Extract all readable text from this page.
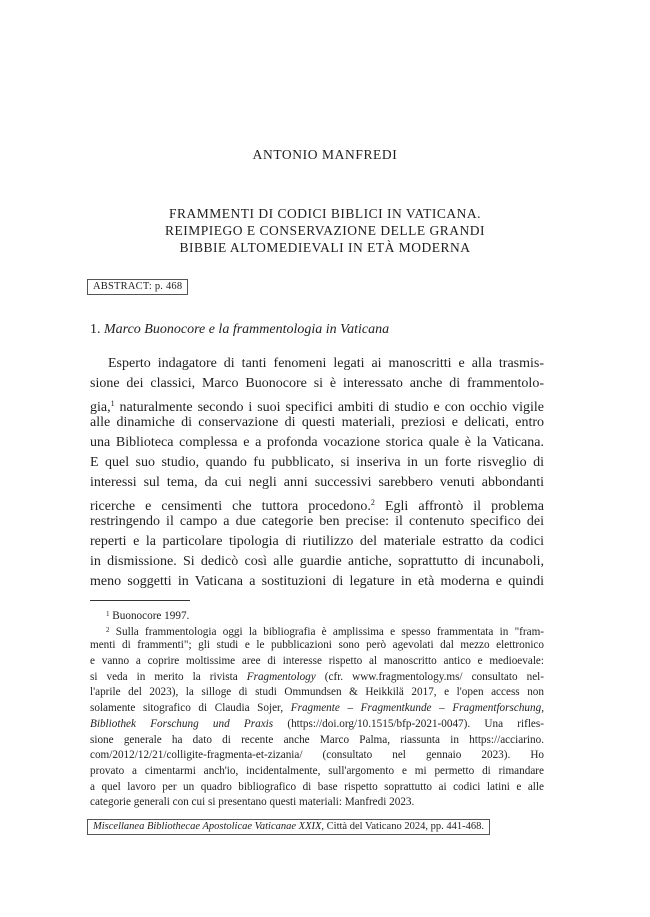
ANTONIO MANFREDI
FRAMMENTI DI CODICI BIBLICI IN VATICANA.
REIMPIEGO E CONSERVAZIONE DELLE GRANDI
BIBBIE ALTOMEDIEVALI IN ETÀ MODERNA
ABSTRACT: p. 468
1. Marco Buonocore e la frammentologia in Vaticana
Esperto indagatore di tanti fenomeni legati ai manoscritti e alla trasmis-
sione dei classici, Marco Buonocore si è interessato anche di frammentolo-
gia,$^1$ naturalmente secondo i suoi specifici ambiti di studio e con occhio vigile
alle dinamiche di conservazione di questi materiali, preziosi e delicati, entro
una Biblioteca complessa e a profonda vocazione storica quale è la Vaticana.
E quel suo studio, quando fu pubblicato, si inseriva in un forte risveglio di
interessi sul tema, da cui negli anni successivi sarebbero venuti abbondanti
ricerche e censimenti che tuttora procedono.$^2$ Egli affrontò il problema
restringendo il campo a due categorie ben precise: il contenuto specifico dei
reperti e la particolare tipologia di riutilizzo del materiale estratto da codici
in dismissione. Si dedicò così alle guardie antiche, soprattutto di incunaboli,
meno soggetti in Vaticana a sostituzioni di legature in età moderna e quindi
$^1$ Buonocore 1997.
$^2$ Sulla frammentologia oggi la bibliografia è amplissima e spesso frammentata in "fram-
menti di frammenti"; gli studi e le pubblicazioni sono però agevolati dal mezzo elettronico
e vanno a coprire moltissime aree di interesse rispetto al manoscritto antico e medioevale:
si veda in merito la rivista Fragmentology (cfr. www.fragmentology.ms/ consultato nel-
l'aprile del 2023), la silloge di studi Ommundsen & Heikkilä 2017, e l'open access non
solamente sitografico di Claudia Sojer, Fragmente – Fragmentkunde – Fragmentforschung,
Bibliothek Forschung und Praxis (https://doi.org/10.1515/bfp-2021-0047). Una rifles-
sione generale ha dato di recente anche Marco Palma, riassunta in https://acciarino.
com/2012/12/21/colligite-fragmenta-et-zizania/ (consultato nel gennaio 2023). Ho
provato a cimentarmi anch'io, incidentalmente, sull'argomento e mi permetto di rimandare
a quel lavoro per un quadro bibliografico di base rispetto soprattutto ai codici latini e alle
categorie generali con cui si presentano questi materiali: Manfredi 2023.
Miscellanea Bibliothecae Apostolicae Vaticanae XXIX, Città del Vaticano 2024, pp. 441-468.
